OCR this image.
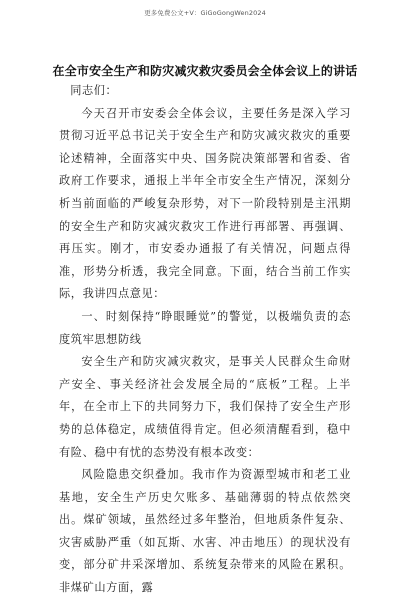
更多免费公文+V：GiGoGongWen2024
在全市安全生产和防灾减灾救灾委员会全体会议上的讲话

同志们：

今天召开市安委会全体会议，主要任务是深入学习贯彻习近平总书记关于安全生产和防灾减灾救灾的重要论述精神，全面落实中央、国务院决策部署和省委、省政府工作要求，通报上半年全市安全生产情况，深刻分析当前面临的严峻复杂形势，对下一阶段特别是主汛期的安全生产和防灾减灾救灾工作进行再部署、再强调、再压实。刚才，市安委办通报了有关情况，问题点得准，形势分析透，我完全同意。下面，结合当前工作实际，我讲四点意见：

一、时刻保持“睁眼睡觉”的警觉，以极端负责的态度筑牢思想防线

安全生产和防灾减灾救灾，是事关人民群众生命财产安全、事关经济社会发展全局的“底板”工程。上半年，在全市上下的共同努力下，我们保持了安全生产形势的总体稳定，成绩值得肯定。但必须清醒看到，稳中有险、稳中有忧的态势没有根本改变：

风险隐患交织叠加。我市作为资源型城市和老工业基地，安全生产历史欠账多、基础薄弱的特点依然突出。煤矿领域，虽然经过多年整治，但地质条件复杂、灾害威胁严重（如瓦斯、水害、冲击地压）的现状没有变，部分矿井采深增加、系统复杂带来的风险在累积。非煤矿山方面，露
